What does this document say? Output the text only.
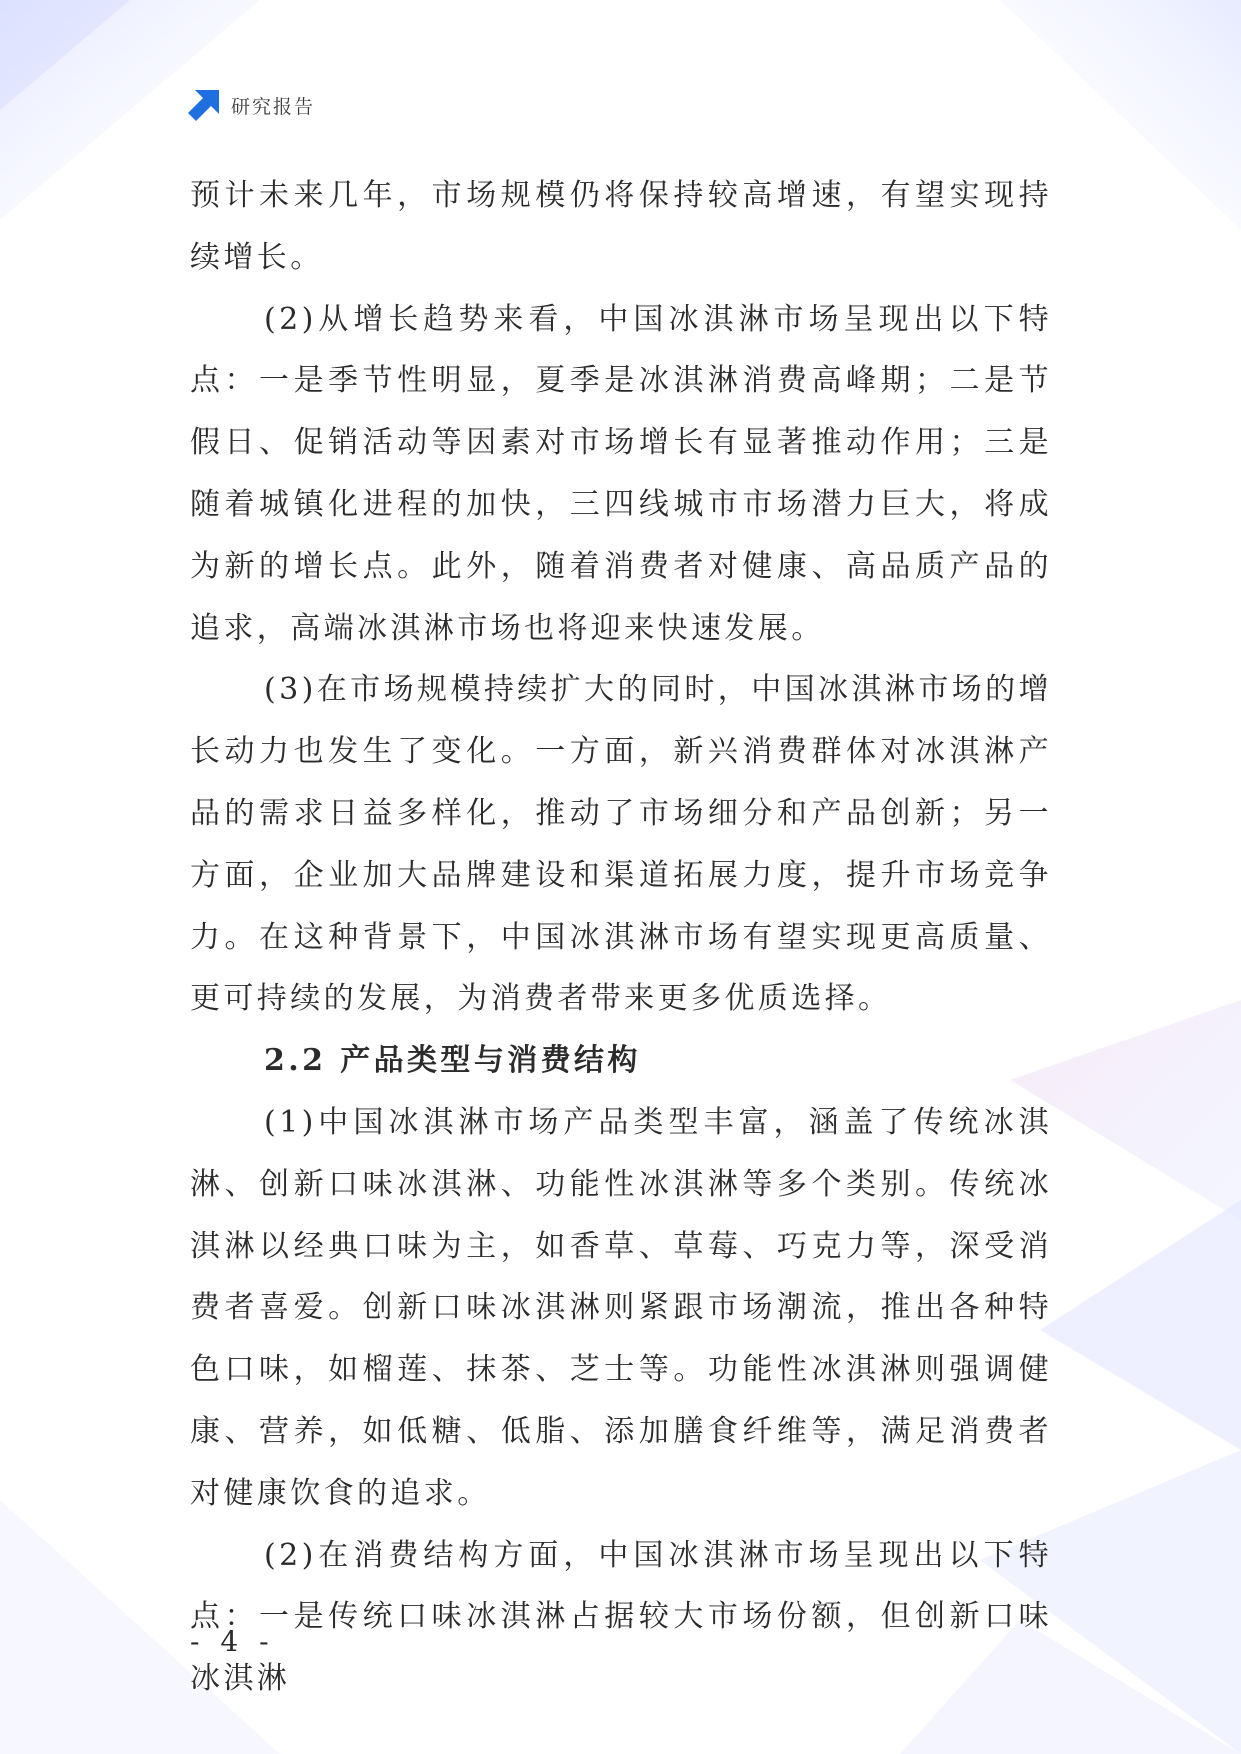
研究报告

预计未来几年，市场规模仍将保持较高增速，有望实现持续增长。

(2)从增长趋势来看，中国冰淇淋市场呈现出以下特点：一是季节性明显，夏季是冰淇淋消费高峰期；二是节假日、促销活动等因素对市场增长有显著推动作用；三是随着城镇化进程的加快，三四线城市市场潜力巨大，将成为新的增长点。此外，随着消费者对健康、高品质产品的追求，高端冰淇淋市场也将迎来快速发展。

(3)在市场规模持续扩大的同时，中国冰淇淋市场的增长动力也发生了变化。一方面，新兴消费群体对冰淇淋产品的需求日益多样化，推动了市场细分和产品创新；另一方面，企业加大品牌建设和渠道拓展力度，提升市场竞争力。在这种背景下，中国冰淇淋市场有望实现更高质量、更可持续的发展，为消费者带来更多优质选择。

2.2 产品类型与消费结构

(1)中国冰淇淋市场产品类型丰富，涵盖了传统冰淇淋、创新口味冰淇淋、功能性冰淇淋等多个类别。传统冰淇淋以经典口味为主，如香草、草莓、巧克力等，深受消费者喜爱。创新口味冰淇淋则紧跟市场潮流，推出各种特色口味，如榴莲、抹茶、芝士等。功能性冰淇淋则强调健康、营养，如低糖、低脂、添加膳食纤维等，满足消费者对健康饮食的追求。

(2)在消费结构方面，中国冰淇淋市场呈现出以下特点：一是传统口味冰淇淋占据较大市场份额，但创新口味冰淇淋

- 4 -
